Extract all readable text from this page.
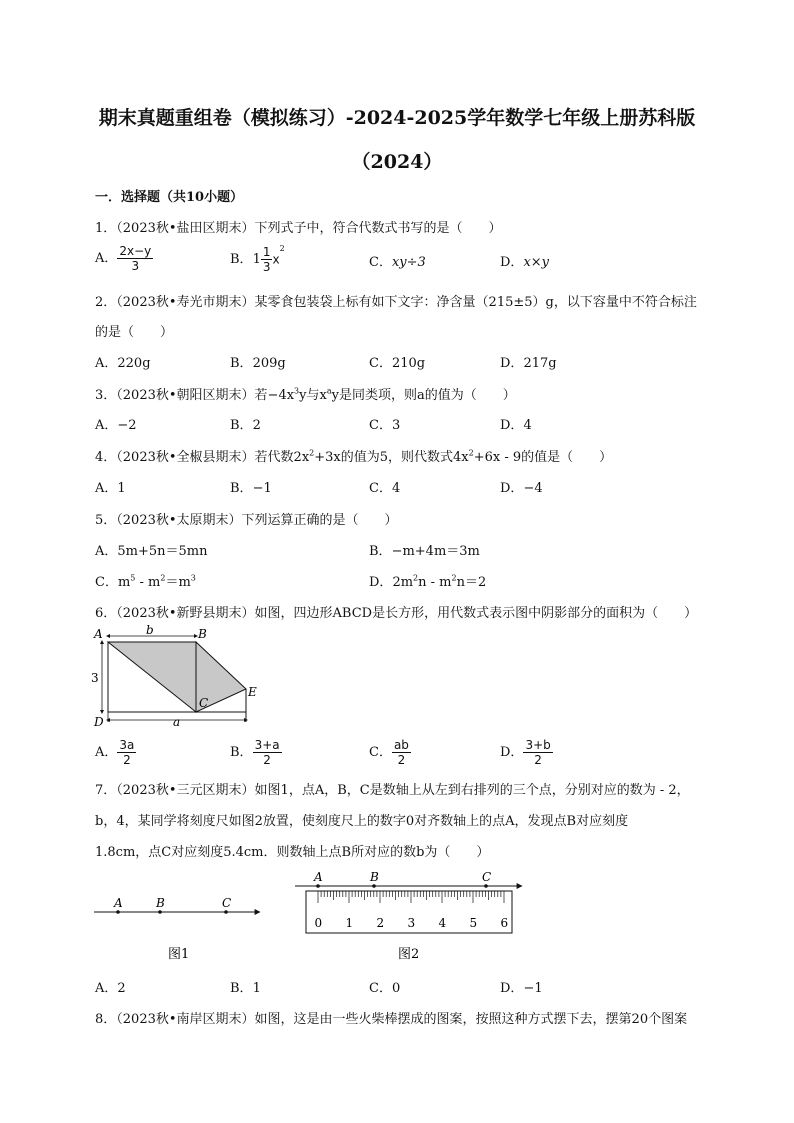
期末真题重组卷（模拟练习）-2024-2025学年数学七年级上册苏科版
（2024）
一．选择题（共10小题）
1．（2023秋•盐田区期末）下列式子中，符合代数式书写的是（　　）
A． $\frac{2x-y}{3}$	B．$1 \frac{1}{3} x^2$
C．xy÷3	D．x×y
2．（2023秋•寿光市期末）某零食包装袋上标有如下文字：净含量（215±5）g，以下容量中不符合标注
的是（　　）
A．220g	B．209g	C．210g	D．217g
3．（2023秋•朝阳区期末）若$-4x^3y$与$x^ay$是同类项，则a的值为（　　）
A．−2	B．2	C．3	D．4
4．（2023秋•全椒县期末）若代数$2x^2+3x$的值为5，则代数式$4x^2+6x - 9$的值是（　　）
A．1	B．−1	C．4	D．−4
5．（2023秋•太原期末）下列运算正确的是（　　）
A．5m+5n＝5mn	B．−m+4m＝3m
C．$m^5 - m^2=m^3$	D．$2m^2n - m^2n=2$
6．（2023秋•新野县期末）如图，四边形ABCD是长方形，用代数式表示图中阴影部分的面积为（　　）
A	B
C
D
E
b
a
3
A． $\frac{3a}{2}$	B． $\frac{3+a}{2}$	C． $\frac{ab}{2}$	D． $\frac{3+b}{2}$
7．（2023秋•三元区期末）如图1，点A，B，C是数轴上从左到右排列的三个点，分别对应的数为 - 2，
b，4，某同学将刻度尺如图2放置，使刻度尺上的数字0对齐数轴上的点A，发现点B对应刻度
1.8cm，点C对应刻度5.4cm．则数轴上点B所对应的数b为（　　）
A	B	C
图1
A	B	C
0 1 2 3 4 5 6
图2
A．2	B．1	C．0	D．−1
8．（2023秋•南岸区期末）如图，这是由一些火柴棒摆成的图案，按照这种方式摆下去，摆第20个图案
